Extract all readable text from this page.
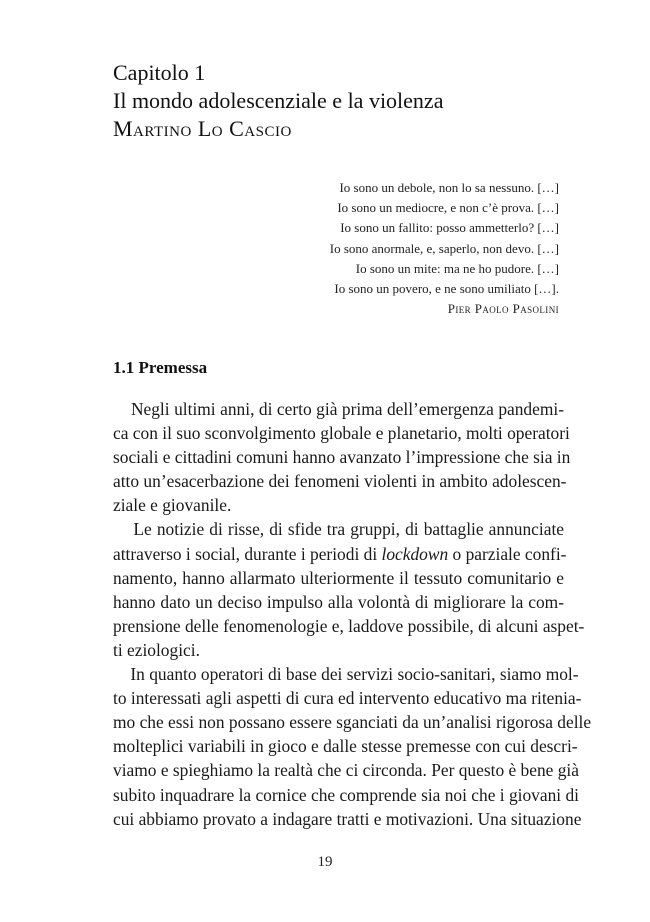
Capitolo 1
Il mondo adolescenziale e la violenza
Martino Lo Cascio
Io sono un debole, non lo sa nessuno. […]
Io sono un mediocre, e non c’è prova. […]
Io sono un fallito: posso ammetterlo? […]
Io sono anormale, e, saperlo, non devo. […]
Io sono un mite: ma ne ho pudore. […]
Io sono un povero, e ne sono umiliato […].
Pier Paolo Pasolini
1.1 Premessa
Negli ultimi anni, di certo già prima dell’emergenza pandemi-
ca con il suo sconvolgimento globale e planetario, molti operatori
sociali e cittadini comuni hanno avanzato l’impressione che sia in
atto un’esacerbazione dei fenomeni violenti in ambito adolescen-
ziale e giovanile.
Le notizie di risse, di sfide tra gruppi, di battaglie annunciate
attraverso i social, durante i periodi di lockdown o parziale confi-
namento, hanno allarmato ulteriormente il tessuto comunitario e
hanno dato un deciso impulso alla volontà di migliorare la com-
prensione delle fenomenologie e, laddove possibile, di alcuni aspet-
ti eziologici.
In quanto operatori di base dei servizi socio-sanitari, siamo mol-
to interessati agli aspetti di cura ed intervento educativo ma ritenia-
mo che essi non possano essere sganciati da un’analisi rigorosa delle
molteplici variabili in gioco e dalle stesse premesse con cui descri-
viamo e spieghiamo la realtà che ci circonda. Per questo è bene già
subito inquadrare la cornice che comprende sia noi che i giovani di
cui abbiamo provato a indagare tratti e motivazioni. Una situazione
19
